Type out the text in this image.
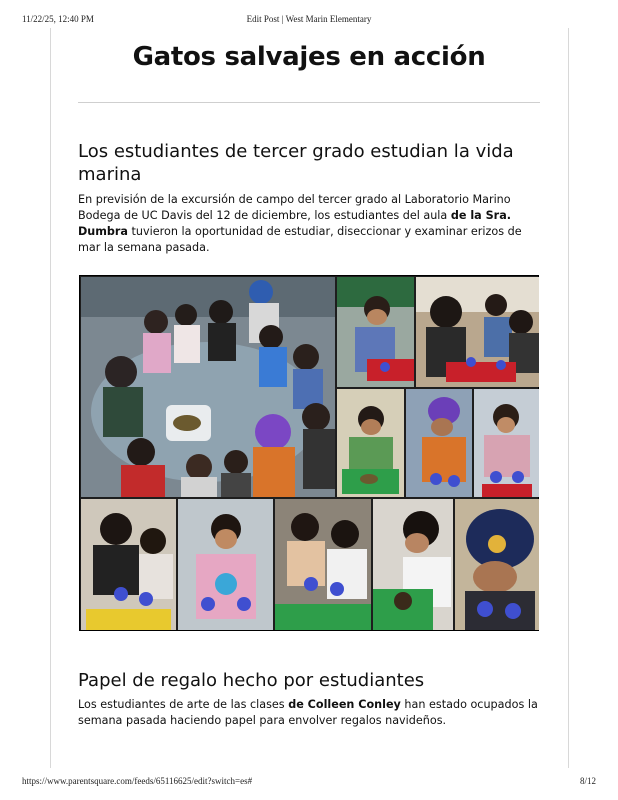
11/22/25, 12:40 PM	Edit Post | West Marin Elementary
Gatos salvajes en acción
Los estudiantes de tercer grado estudian la vida marina

En previsión de la excursión de campo del tercer grado al Laboratorio Marino Bodega de UC Davis del 12 de diciembre, los estudiantes del aula de la Sra. Dumbra tuvieron la oportunidad de estudiar, diseccionar y examinar erizos de mar la semana pasada.

Papel de regalo hecho por estudiantes

Los estudiantes de arte de las clases de Colleen Conley han estado ocupados la semana pasada haciendo papel para envolver regalos navideños.

https://www.parentsquare.com/feeds/65116625/edit?switch=es#	8/12
